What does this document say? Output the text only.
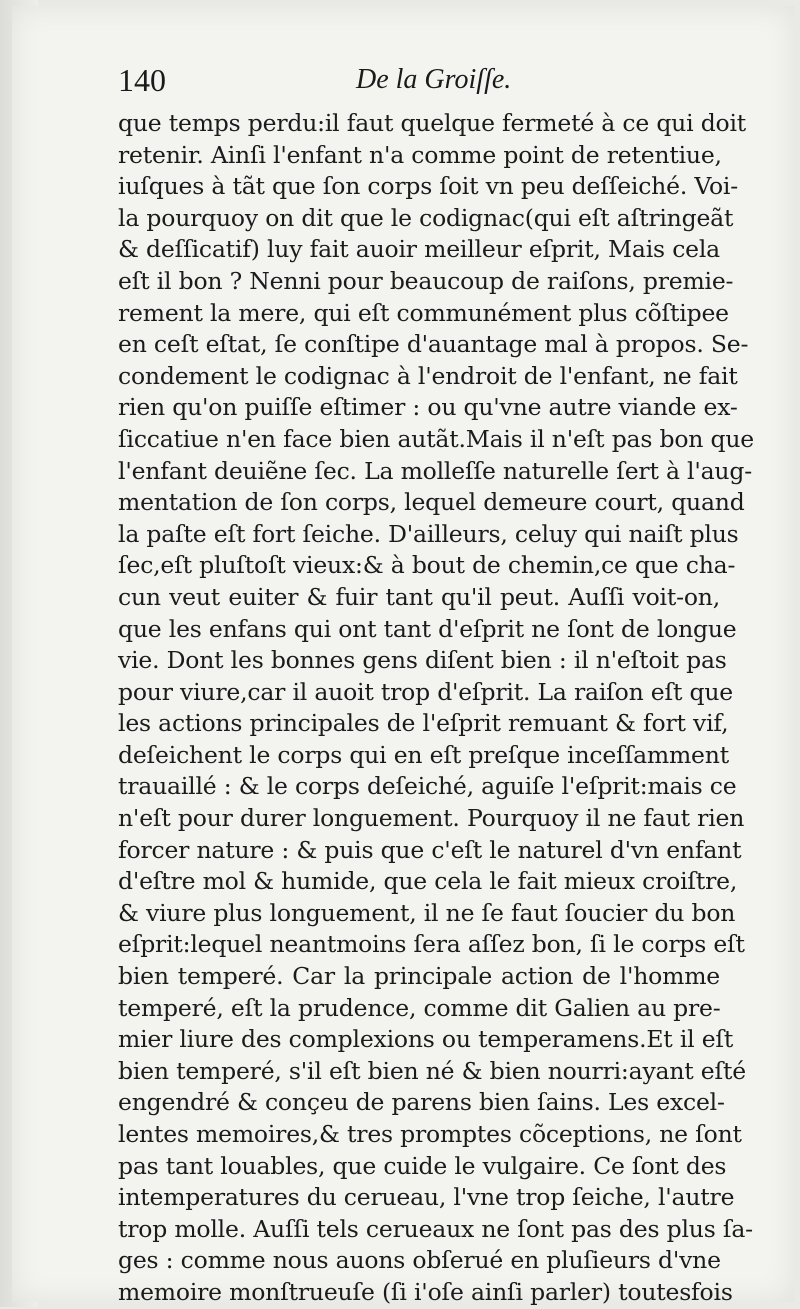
140	De la Groiſſe.
que temps perdu:il faut quelque fermeté à ce qui doit
retenir. Ainſi l'enfant n'a comme point de retentiue,
iuſques à tãt que ſon corps ſoit vn peu deſſeiché. Voi-
la pourquoy on dit que le codignac(qui eſt aſtringeãt
& deſſicatif) luy fait auoir meilleur eſprit, Mais cela
eſt il bon ? Nenni pour beaucoup de raiſons, premie-
rement la mere, qui eſt communément plus cõſtipee
en ceſt eſtat, ſe conſtipe d'auantage mal à propos. Se-
condement le codignac à l'endroit de l'enfant, ne fait
rien qu'on puiſſe eſtimer : ou qu'vne autre viande ex-
ſiccatiue n'en face bien autãt.Mais il n'eſt pas bon que
l'enfant deuiẽne ſec. La molleſſe naturelle ſert à l'aug-
mentation de ſon corps, lequel demeure court, quand
la paſte eſt fort ſeiche. D'ailleurs, celuy qui naiſt plus
ſec,eſt pluſtoſt vieux:& à bout de chemin,ce que cha-
cun veut euiter & fuir tant qu'il peut. Auſſi voit-on,
que les enfans qui ont tant d'eſprit ne ſont de longue
vie. Dont les bonnes gens diſent bien : il n'eſtoit pas
pour viure,car il auoit trop d'eſprit. La raiſon eſt que
les actions principales de l'eſprit remuant & fort vif,
deſeichent le corps qui en eſt preſque inceſſamment
trauaillé : & le corps deſeiché, aguiſe l'eſprit:mais ce
n'eſt pour durer longuement. Pourquoy il ne faut rien
forcer nature : & puis que c'eſt le naturel d'vn enfant
d'eſtre mol & humide, que cela le fait mieux croiſtre,
& viure plus longuement, il ne ſe faut ſoucier du bon
eſprit:lequel neantmoins ſera aſſez bon, ſi le corps eſt
bien temperé. Car la principale action de l'homme
temperé, eſt la prudence, comme dit Galien au pre-
mier liure des complexions ou temperamens.Et il eſt
bien temperé, s'il eſt bien né & bien nourri:ayant eſté
engendré & conçeu de parens bien ſains. Les excel-
lentes memoires,& tres promptes cõceptions, ne ſont
pas tant louables, que cuide le vulgaire. Ce ſont des
intemperatures du cerueau, l'vne trop ſeiche, l'autre
trop molle. Auſſi tels cerueaux ne ſont pas des plus ſa-
ges : comme nous auons obſerué en pluſieurs d'vne
memoire monſtrueuſe (ſi i'oſe ainſi parler) toutesfois
